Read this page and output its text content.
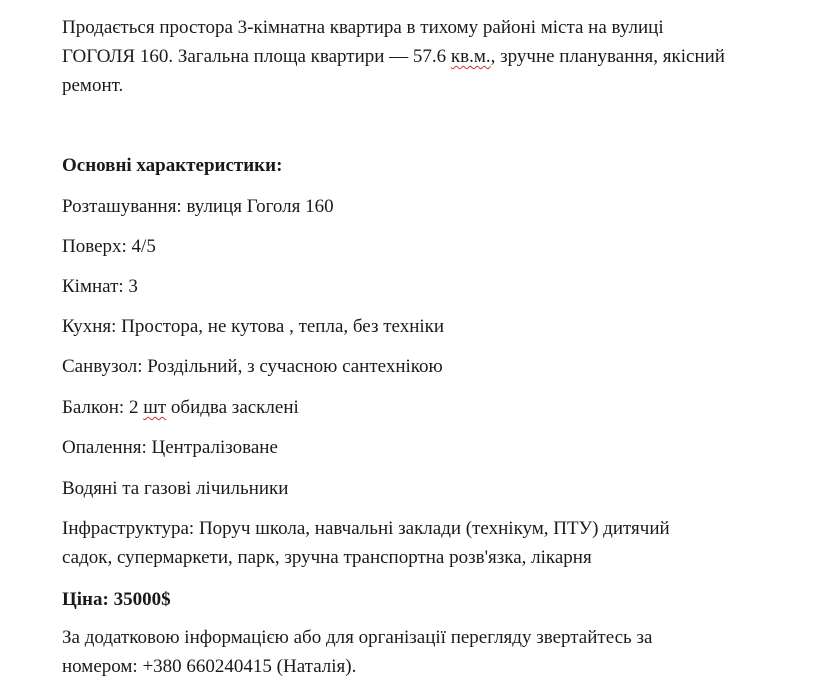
Продається простора 3-кімнатна квартира в тихому районі міста на вулиці
ГОГОЛЯ 160. Загальна площа квартири — 57.6 кв.м., зручне планування, якісний
ремонт.
Основні характеристики:
Розташування: вулиця Гоголя 160
Поверх: 4/5
Кімнат: 3
Кухня: Простора, не кутова , тепла, без техніки
Санвузол: Роздільний, з сучасною сантехнікою
Балкон: 2 шт обидва засклені
Опалення: Централізоване
Водяні та газові лічильники
Інфраструктура: Поруч школа, навчальні заклади (технікум, ПТУ) дитячий
садок, супермаркети, парк, зручна транспортна розв'язка, лікарня
Ціна: 35000$
За додатковою інформацією або для організації перегляду звертайтесь за
номером: +380 660240415 (Наталія).
